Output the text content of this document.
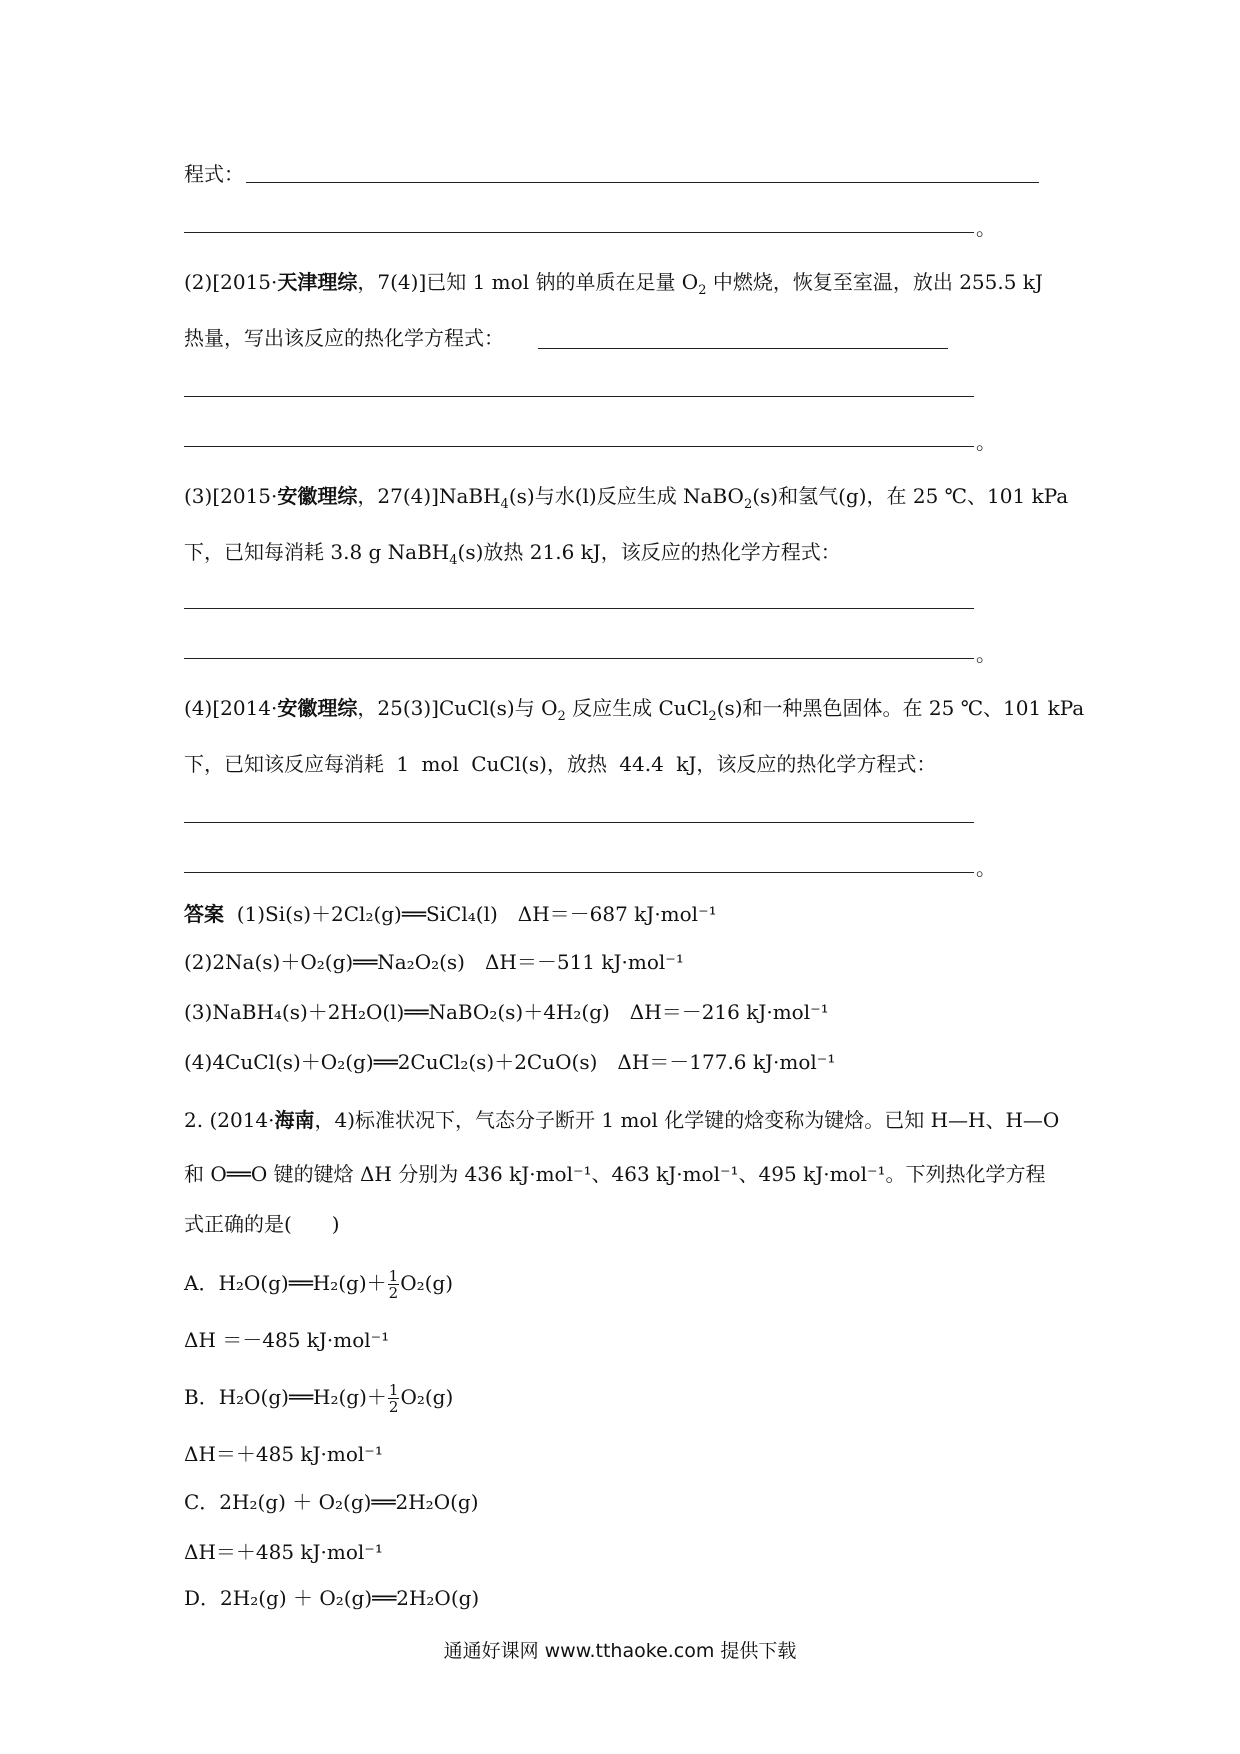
程式：
。
(2)[2015·天津理综，7(4)]已知 1 mol 钠的单质在足量 $O_2$ 中燃烧，恢复至室温，放出 255.5 kJ
热量，写出该反应的热化学方程式：
。
(3)[2015·安徽理综，27(4)]NaBH$_4$(s)与水(l)反应生成 NaBO$_2$(s)和氢气(g)，在 25 ℃、101 kPa
下，已知每消耗 3.8 g NaBH$_4$(s)放热 21.6 kJ，该反应的热化学方程式：
。
(4)[2014·安徽理综，25(3)]CuCl(s)与 $O_2$ 反应生成 CuCl$_2$(s)和一种黑色固体。在 25 ℃、101 kPa
下，已知该反应每消耗 1 mol CuCl(s)，放热 44.4 kJ，该反应的热化学方程式：
。
答案 (1)Si(s)＋2Cl₂(g)══SiCl₄(l)　ΔH＝－687 kJ·mol⁻¹
(2)2Na(s)＋O₂(g)══Na₂O₂(s)　ΔH＝－511 kJ·mol⁻¹
(3)NaBH₄(s)＋2H₂O(l)══NaBO₂(s)＋4H₂(g)　ΔH＝－216 kJ·mol⁻¹
(4)4CuCl(s)＋O₂(g)══2CuCl₂(s)＋2CuO(s)　ΔH＝－177.6 kJ·mol⁻¹
2. (2014·海南，4)标准状况下，气态分子断开 1 mol 化学键的焓变称为键焓。已知 H—H、H—O
和 O══O 键的键焓 ΔH 分别为 436 kJ·mol⁻¹、463 kJ·mol⁻¹、495 kJ·mol⁻¹。下列热化学方程
式正确的是(　　)
A．H₂O(g)══H₂(g)＋ $\frac{1}{2} O_2(g)$
ΔH ＝－485 kJ·mol⁻¹
B．H₂O(g)══H₂(g)＋ $\frac{1}{2} O_2(g)$
ΔH＝＋485 kJ·mol⁻¹
C．2H₂(g) ＋ O₂(g)══2H₂O(g)
ΔH＝＋485 kJ·mol⁻¹
D．2H₂(g) ＋ O₂(g)══2H₂O(g)
通通好课网 www.tthaoke.com 提供下载
